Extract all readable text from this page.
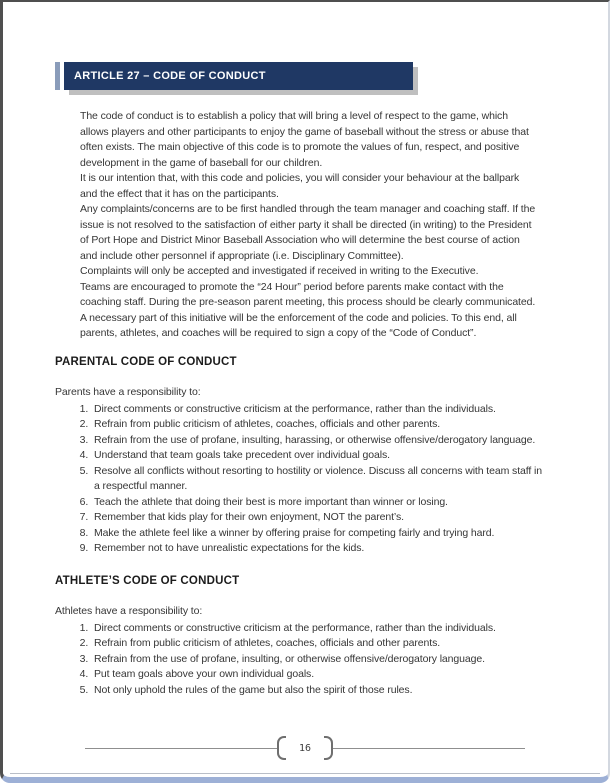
ARTICLE 27 – CODE OF CONDUCT

The code of conduct is to establish a policy that will bring a level of respect to the game, which allows players and other participants to enjoy the game of baseball without the stress or abuse that often exists. The main objective of this code is to promote the values of fun, respect, and positive development in the game of baseball for our children.

It is our intention that, with this code and policies, you will consider your behaviour at the ballpark and the effect that it has on the participants.

Any complaints/concerns are to be first handled through the team manager and coaching staff. If the issue is not resolved to the satisfaction of either party it shall be directed (in writing) to the President of Port Hope and District Minor Baseball Association who will determine the best course of action and include other personnel if appropriate (i.e. Disciplinary Committee).

Complaints will only be accepted and investigated if received in writing to the Executive.

Teams are encouraged to promote the “24 Hour” period before parents make contact with the coaching staff. During the pre-season parent meeting, this process should be clearly communicated.

A necessary part of this initiative will be the enforcement of the code and policies. To this end, all parents, athletes, and coaches will be required to sign a copy of the “Code of Conduct”.

PARENTAL CODE OF CONDUCT
Parents have a responsibility to:
1. Direct comments or constructive criticism at the performance, rather than the individuals.
2. Refrain from public criticism of athletes, coaches, officials and other parents.
3. Refrain from the use of profane, insulting, harassing, or otherwise offensive/derogatory language.
4. Understand that team goals take precedent over individual goals.
5. Resolve all conflicts without resorting to hostility or violence. Discuss all concerns with team staff in a respectful manner.
6. Teach the athlete that doing their best is more important than winner or losing.
7. Remember that kids play for their own enjoyment, NOT the parent’s.
8. Make the athlete feel like a winner by offering praise for competing fairly and trying hard.
9. Remember not to have unrealistic expectations for the kids.
ATHLETE’S CODE OF CONDUCT
Athletes have a responsibility to:
1. Direct comments or constructive criticism at the performance, rather than the individuals.
2. Refrain from public criticism of athletes, coaches, officials and other parents.
3. Refrain from the use of profane, insulting, or otherwise offensive/derogatory language.
4. Put team goals above your own individual goals.
5. Not only uphold the rules of the game but also the spirit of those rules.
16
